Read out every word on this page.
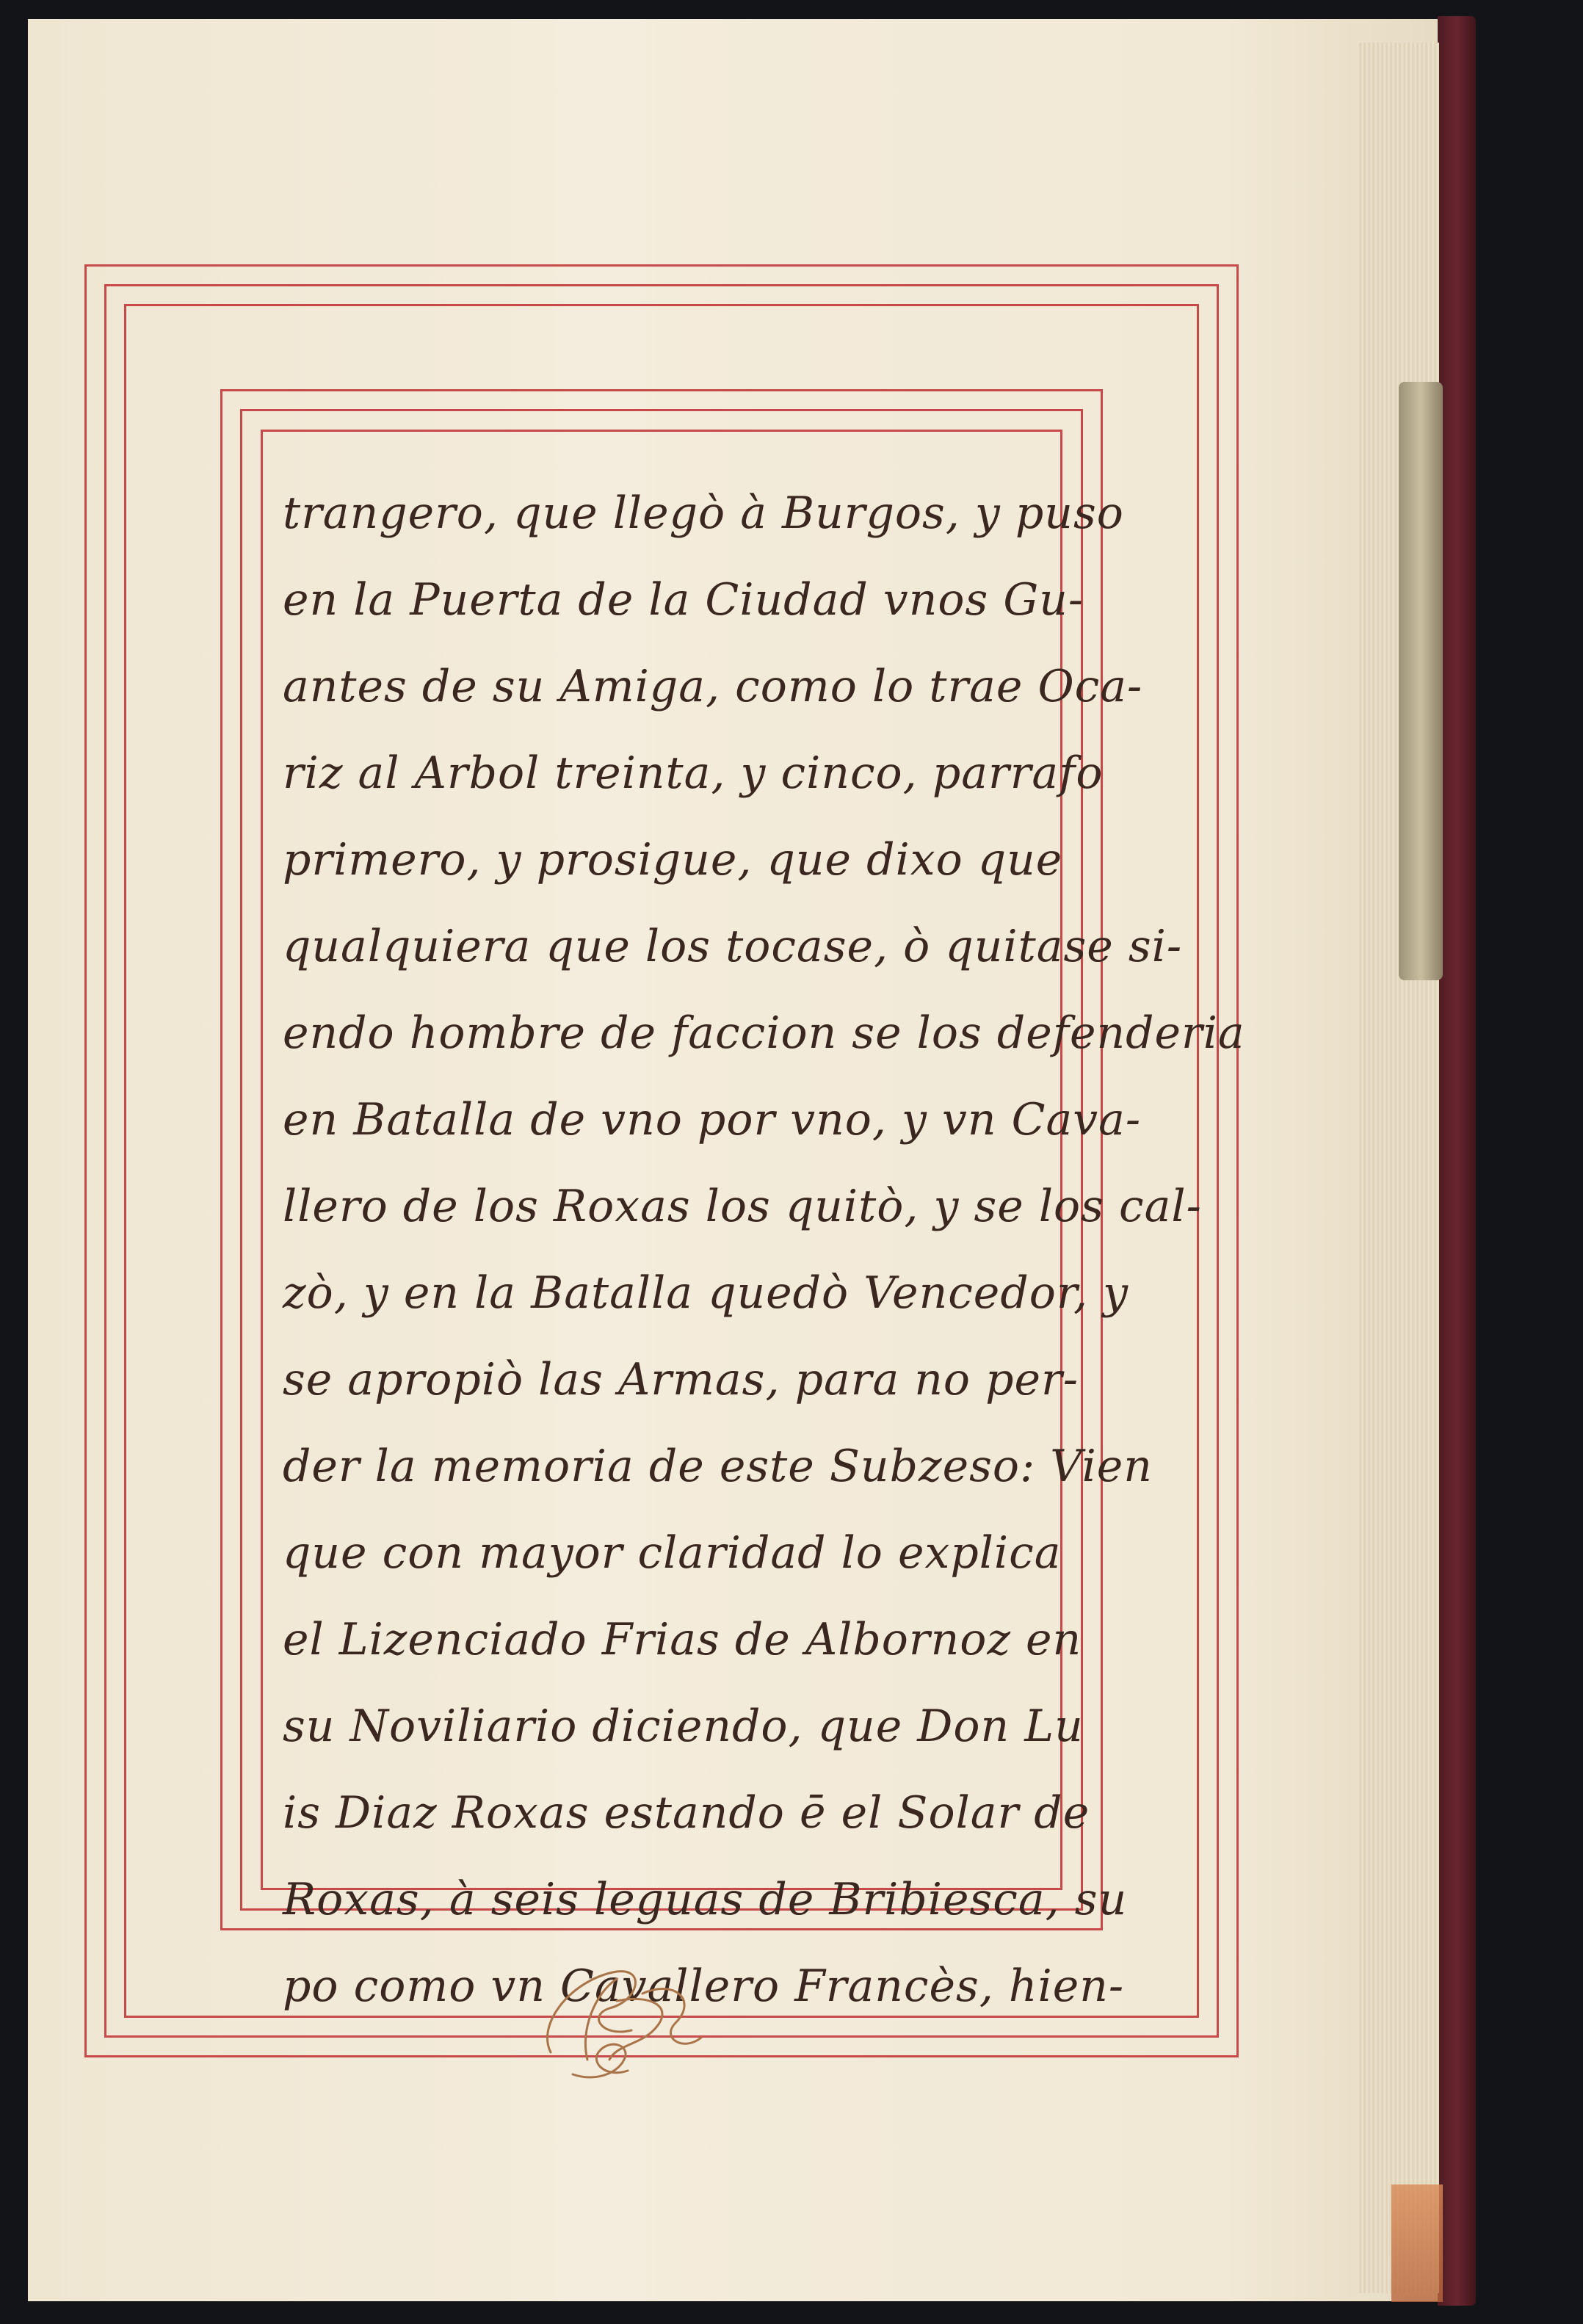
trangero, que llegò à Burgos, y puso
en la Puerta de la Ciudad vnos Gu-
antes de su Amiga, como lo trae Oca-
riz al Arbol treinta, y cinco, parrafo
primero, y prosigue, que dixo que
qualquiera que los tocase, ò quitase si-
endo hombre de faccion se los defenderia
en Batalla de vno por vno, y vn Cava-
llero de los Roxas los quitò, y se los cal-
zò, y en la Batalla quedò Vencedor, y
se apropiò las Armas, para no per-
der la memoria de este Subzeso: Vien
que con mayor claridad lo explica
el Lizenciado Frias de Albornoz en
su Noviliario diciendo, que Don Lu
is Diaz Roxas estando ē el Solar de
Roxas, à seis leguas de Bribiesca, su
po como vn Cavallero Francès, hien-
